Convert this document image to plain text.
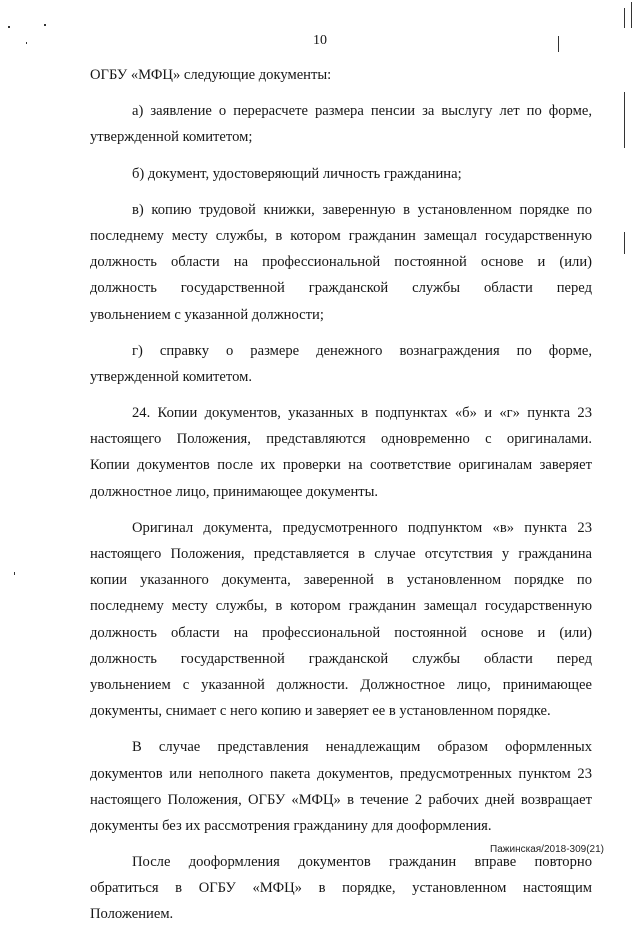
10
ОГБУ «МФЦ» следующие документы:
а) заявление о перерасчете размера пенсии за выслугу лет по форме,
утвержденной комитетом;
б) документ, удостоверяющий личность гражданина;
в) копию трудовой книжки, заверенную в установленном порядке по
последнему месту службы, в котором гражданин замещал государственную
должность области на профессиональной постоянной основе и (или)
должность государственной гражданской службы области перед
увольнением с указанной должности;
г) справку о размере денежного вознаграждения по форме,
утвержденной комитетом.
24. Копии документов, указанных в подпунктах «б» и «г» пункта 23
настоящего Положения, представляются одновременно с оригиналами.
Копии документов после их проверки на соответствие оригиналам заверяет
должностное лицо, принимающее документы.
Оригинал документа, предусмотренного подпунктом «в» пункта 23
настоящего Положения, представляется в случае отсутствия у гражданина
копии указанного документа, заверенной в установленном порядке по
последнему месту службы, в котором гражданин замещал государственную
должность области на профессиональной постоянной основе и (или)
должность государственной гражданской службы области перед
увольнением с указанной должности. Должностное лицо, принимающее
документы, снимает с него копию и заверяет ее в установленном порядке.
В случае представления ненадлежащим образом оформленных
документов или неполного пакета документов, предусмотренных пунктом 23
настоящего Положения, ОГБУ «МФЦ» в течение 2 рабочих дней возвращает
документы без их рассмотрения гражданину для дооформления.
После дооформления документов гражданин вправе повторно
обратиться в ОГБУ «МФЦ» в порядке, установленном настоящим
Положением.
Пажинская/2018-309(21)
